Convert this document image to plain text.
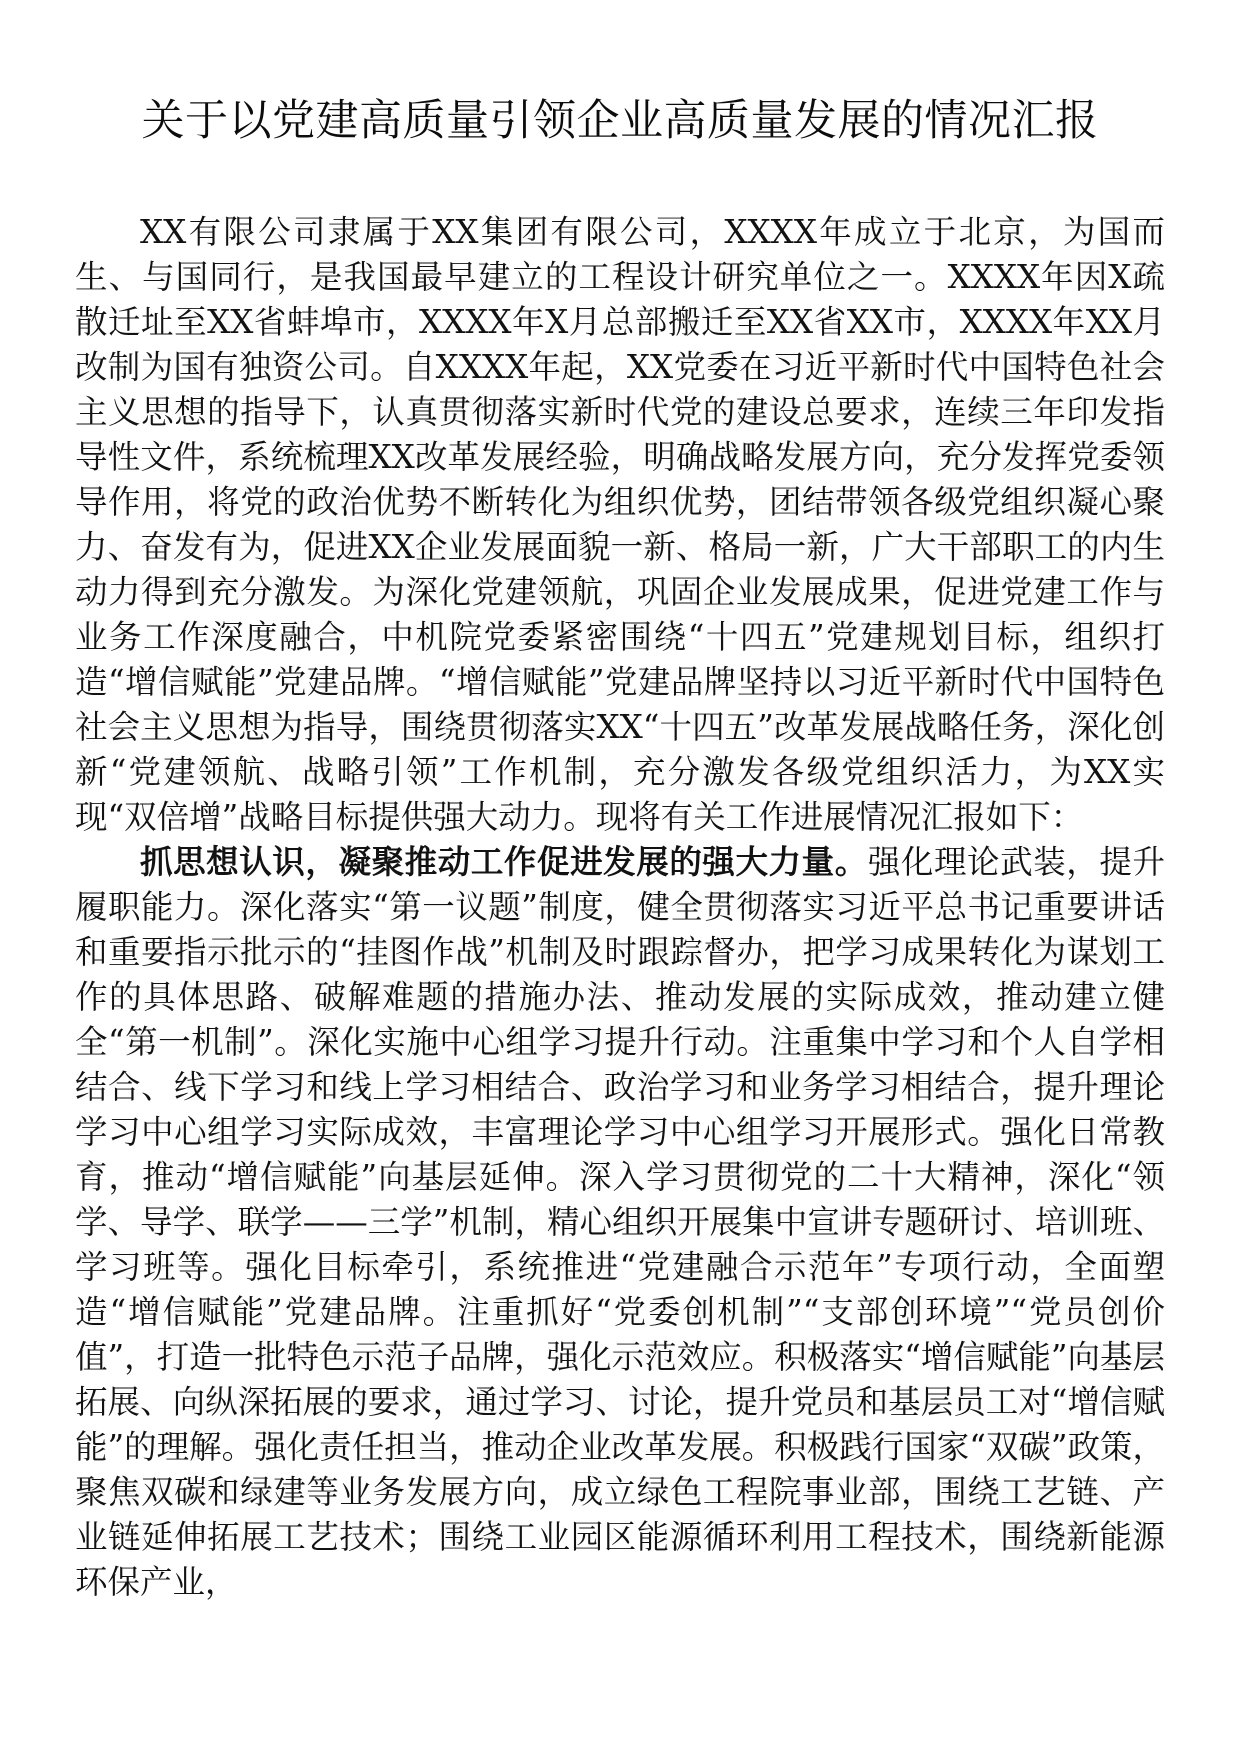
关于以党建高质量引领企业高质量发展的情况汇报

XX有限公司隶属于XX集团有限公司，XXXX年成立于北京，为国而生、与国同行，是我国最早建立的工程设计研究单位之一。XXXX年因X疏散迁址至XX省蚌埠市，XXXX年X月总部搬迁至XX省XX市，XXXX年XX月改制为国有独资公司。自XXXX年起，XX党委在习近平新时代中国特色社会主义思想的指导下，认真贯彻落实新时代党的建设总要求，连续三年印发指导性文件，系统梳理XX改革发展经验，明确战略发展方向，充分发挥党委领导作用，将党的政治优势不断转化为组织优势，团结带领各级党组织凝心聚力、奋发有为，促进XX企业发展面貌一新、格局一新，广大干部职工的内生动力得到充分激发。为深化党建领航，巩固企业发展成果，促进党建工作与业务工作深度融合，中机院党委紧密围绕“十四五”党建规划目标，组织打造“增信赋能”党建品牌。“增信赋能”党建品牌坚持以习近平新时代中国特色社会主义思想为指导，围绕贯彻落实XX“十四五”改革发展战略任务，深化创新“党建领航、战略引领”工作机制，充分激发各级党组织活力，为XX实现“双倍增”战略目标提供强大动力。现将有关工作进展情况汇报如下：

抓思想认识，凝聚推动工作促进发展的强大力量。强化理论武装，提升履职能力。深化落实“第一议题”制度，健全贯彻落实习近平总书记重要讲话和重要指示批示的“挂图作战”机制及时跟踪督办，把学习成果转化为谋划工作的具体思路、破解难题的措施办法、推动发展的实际成效，推动建立健全“第一机制”。深化实施中心组学习提升行动。注重集中学习和个人自学相结合、线下学习和线上学习相结合、政治学习和业务学习相结合，提升理论学习中心组学习实际成效，丰富理论学习中心组学习开展形式。强化日常教育，推动“增信赋能”向基层延伸。深入学习贯彻党的二十大精神，深化“领学、导学、联学——三学”机制，精心组织开展集中宣讲专题研讨、培训班、学习班等。强化目标牵引，系统推进“党建融合示范年”专项行动，全面塑造“增信赋能”党建品牌。注重抓好“党委创机制”“支部创环境”“党员创价值”，打造一批特色示范子品牌，强化示范效应。积极落实“增信赋能”向基层拓展、向纵深拓展的要求，通过学习、讨论，提升党员和基层员工对“增信赋能”的理解。强化责任担当，推动企业改革发展。积极践行国家“双碳”政策，聚焦双碳和绿建等业务发展方向，成立绿色工程院事业部，围绕工艺链、产业链延伸拓展工艺技术；围绕工业园区能源循环利用工程技术，围绕新能源环保产业，
